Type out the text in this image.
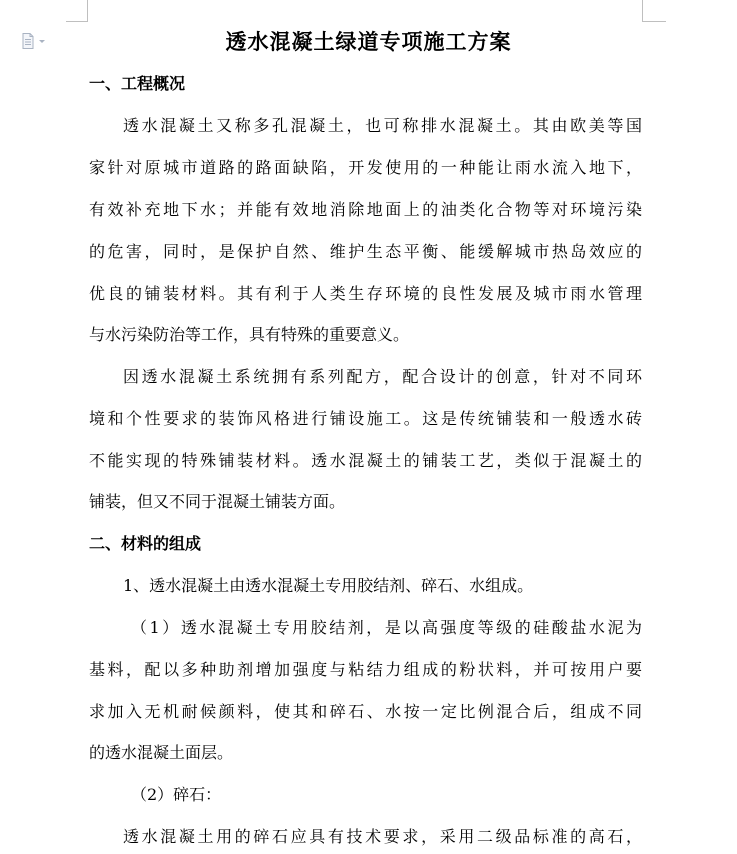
透水混凝土绿道专项施工方案
一、工程概况
透水混凝土又称多孔混凝土，也可称排水混凝土。其由欧美等国
家针对原城市道路的路面缺陷，开发使用的一种能让雨水流入地下，
有效补充地下水；并能有效地消除地面上的油类化合物等对环境污染
的危害，同时，是保护自然、维护生态平衡、能缓解城市热岛效应的
优良的铺装材料。其有利于人类生存环境的良性发展及城市雨水管理
与水污染防治等工作，具有特殊的重要意义。
因透水混凝土系统拥有系列配方，配合设计的创意，针对不同环
境和个性要求的装饰风格进行铺设施工。这是传统铺装和一般透水砖
不能实现的特殊铺装材料。透水混凝土的铺装工艺，类似于混凝土的
铺装，但又不同于混凝土铺装方面。
二、材料的组成
1、透水混凝土由透水混凝土专用胶结剂、碎石、水组成。
（1）透水混凝土专用胶结剂，是以高强度等级的硅酸盐水泥为
基料，配以多种助剂增加强度与粘结力组成的粉状料，并可按用户要
求加入无机耐候颜料，使其和碎石、水按一定比例混合后，组成不同
的透水混凝土面层。
（2）碎石：
透水混凝土用的碎石应具有技术要求，采用二级品标准的高石，
